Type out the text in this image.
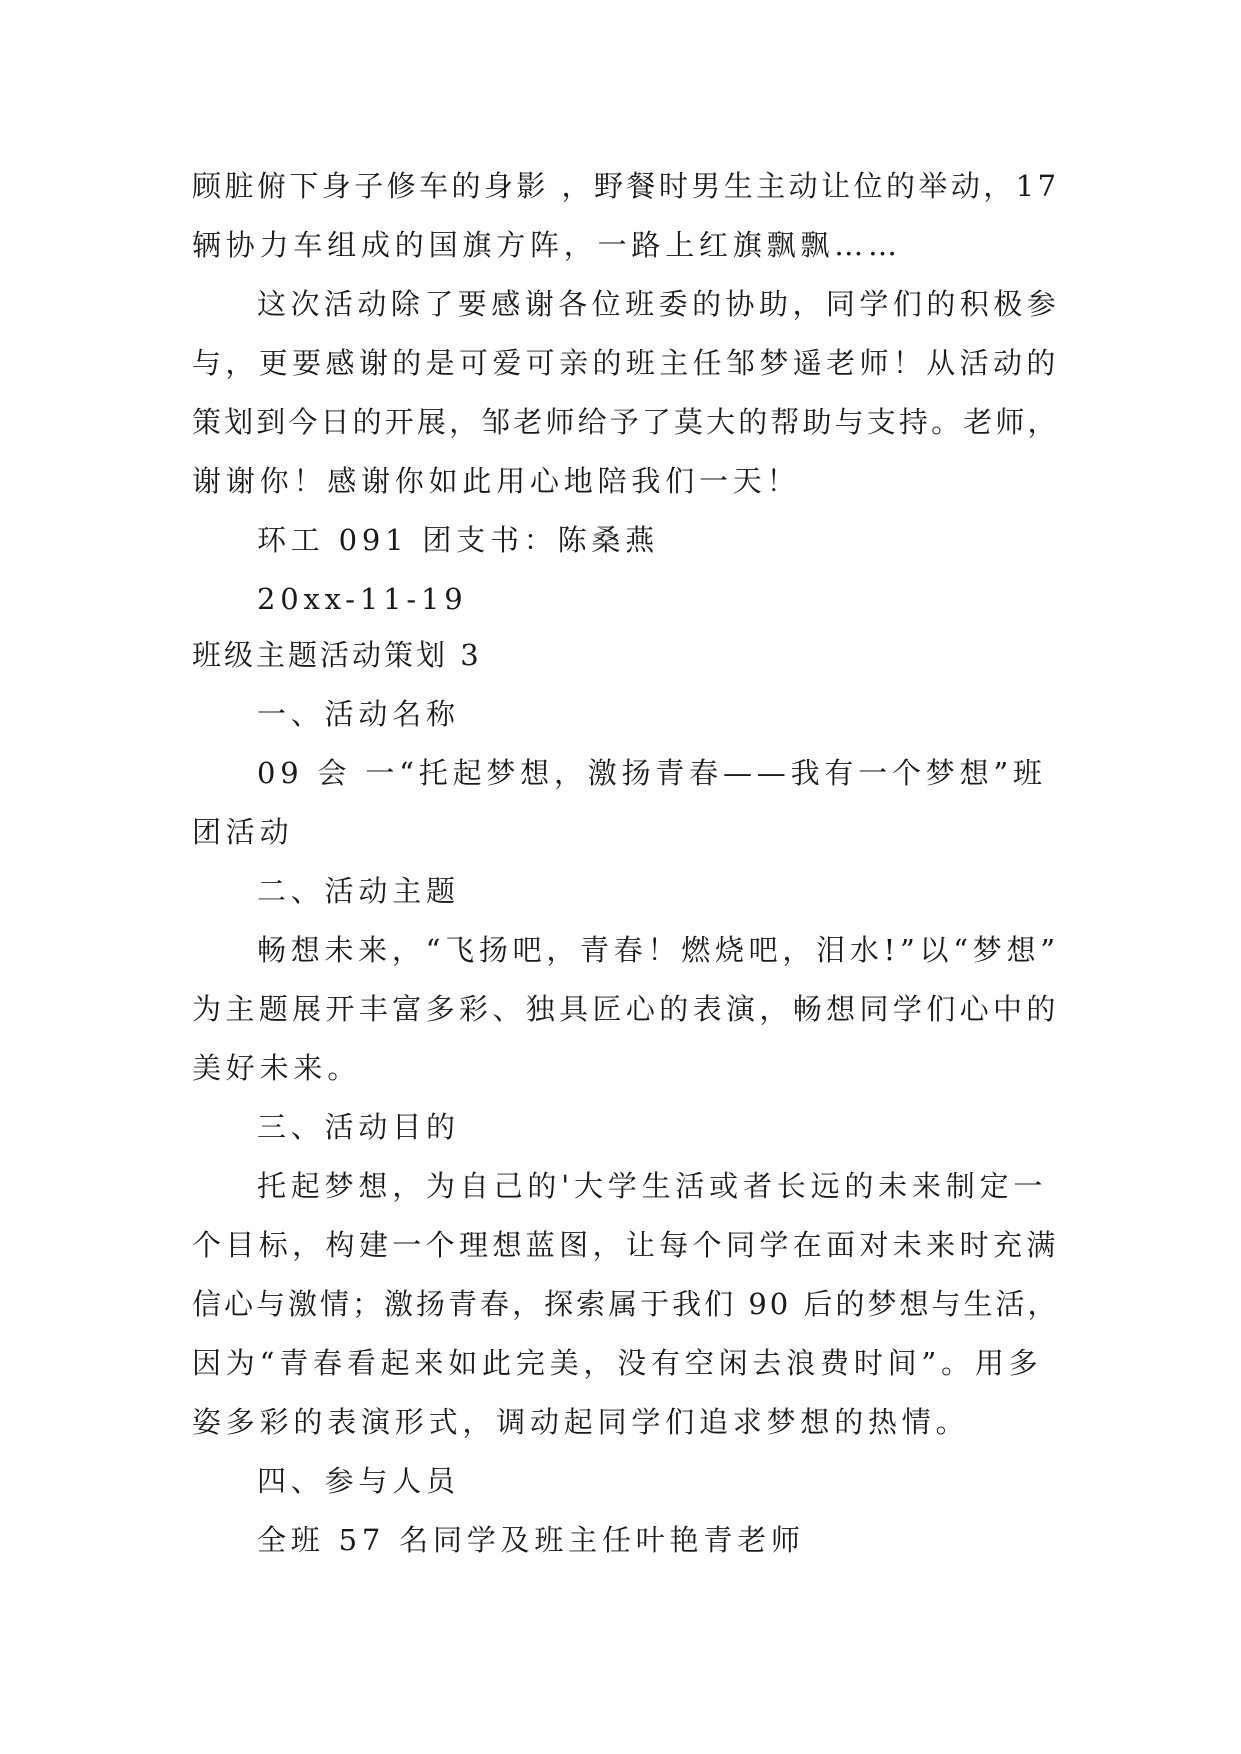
顾脏俯下身子修车的身影 ，野餐时男生主动让位的举动，17
辆协力车组成的国旗方阵，一路上红旗飘飘……
这次活动除了要感谢各位班委的协助，同学们的积极参
与，更要感谢的是可爱可亲的班主任邹梦遥老师！从活动的
策划到今日的开展，邹老师给予了莫大的帮助与支持。老师，
谢谢你！感谢你如此用心地陪我们一天！
环工 091 团支书：陈桑燕
20xx-11-19
班级主题活动策划 3
一、活动名称
09 会 一“托起梦想，激扬青春——我有一个梦想”班
团活动
二、活动主题
畅想未来，“飞扬吧，青春！燃烧吧，泪水!”以“梦想”
为主题展开丰富多彩、独具匠心的表演，畅想同学们心中的
美好未来。
三、活动目的
托起梦想，为自己的'大学生活或者长远的未来制定一
个目标，构建一个理想蓝图，让每个同学在面对未来时充满
信心与激情；激扬青春，探索属于我们 90 后的梦想与生活，
因为“青春看起来如此完美，没有空闲去浪费时间”。用多
姿多彩的表演形式，调动起同学们追求梦想的热情。
四、参与人员
全班 57 名同学及班主任叶艳青老师
